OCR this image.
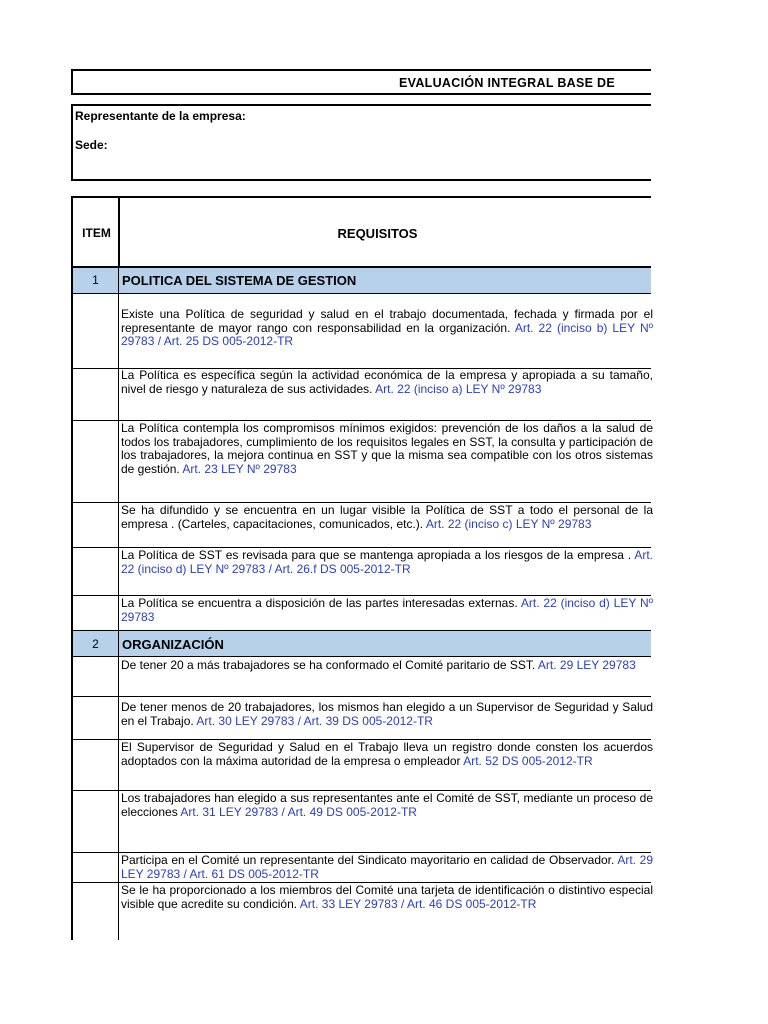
EVALUACIÓN INTEGRAL BASE DE
Representante de la empresa:
Sede:
ITEM	REQUISITOS
1	POLITICA DEL SISTEMA DE GESTION
Existe una Política de seguridad y salud en el trabajo documentada, fechada y firmada por el representante de mayor rango con responsabilidad en la organización. Art. 22 (inciso b) LEY Nº 29783 / Art. 25 DS 005-2012-TR
La Política es específica según la actividad económica de la empresa y apropiada a su tamaño, nivel de riesgo y naturaleza de sus actividades. Art. 22 (inciso a) LEY Nº 29783
La Política contempla los compromisos mínimos exigidos: prevención de los daños a la salud de todos los trabajadores, cumplimiento de los requisitos legales en SST, la consulta y participación de los trabajadores, la mejora continua en SST y que la misma sea compatible con los otros sistemas de gestión. Art. 23 LEY Nº 29783
Se ha difundido y se encuentra en un lugar visible la Política de SST a todo el personal de la empresa . (Carteles, capacitaciones, comunicados, etc.). Art. 22 (inciso c) LEY Nº 29783
La Política de SST es revisada para que se mantenga apropiada a los riesgos de la empresa . Art. 22 (inciso d) LEY Nº 29783 / Art. 26.f DS 005-2012-TR
La Política se encuentra a disposición de las partes interesadas externas. Art. 22 (inciso d) LEY Nº 29783
2	ORGANIZACIÓN
De tener 20 a más trabajadores se ha conformado el Comité paritario de SST. Art. 29 LEY 29783
De tener menos de 20 trabajadores, los mismos han elegido a un Supervisor de Seguridad y Salud en el Trabajo. Art. 30 LEY 29783 / Art. 39 DS 005-2012-TR
El Supervisor de Seguridad y Salud en el Trabajo lleva un registro donde consten los acuerdos adoptados con la máxima autoridad de la empresa o empleador Art. 52 DS 005-2012-TR
Los trabajadores han elegido a sus representantes ante el Comité de SST, mediante un proceso de elecciones Art. 31 LEY 29783 / Art. 49 DS 005-2012-TR
Participa en el Comité un representante del Sindicato mayoritario en calidad de Observador. Art. 29 LEY 29783 / Art. 61 DS 005-2012-TR
Se le ha proporcionado a los miembros del Comité una tarjeta de identificación o distintivo especial visible que acredite su condición. Art. 33 LEY 29783 / Art. 46 DS 005-2012-TR
